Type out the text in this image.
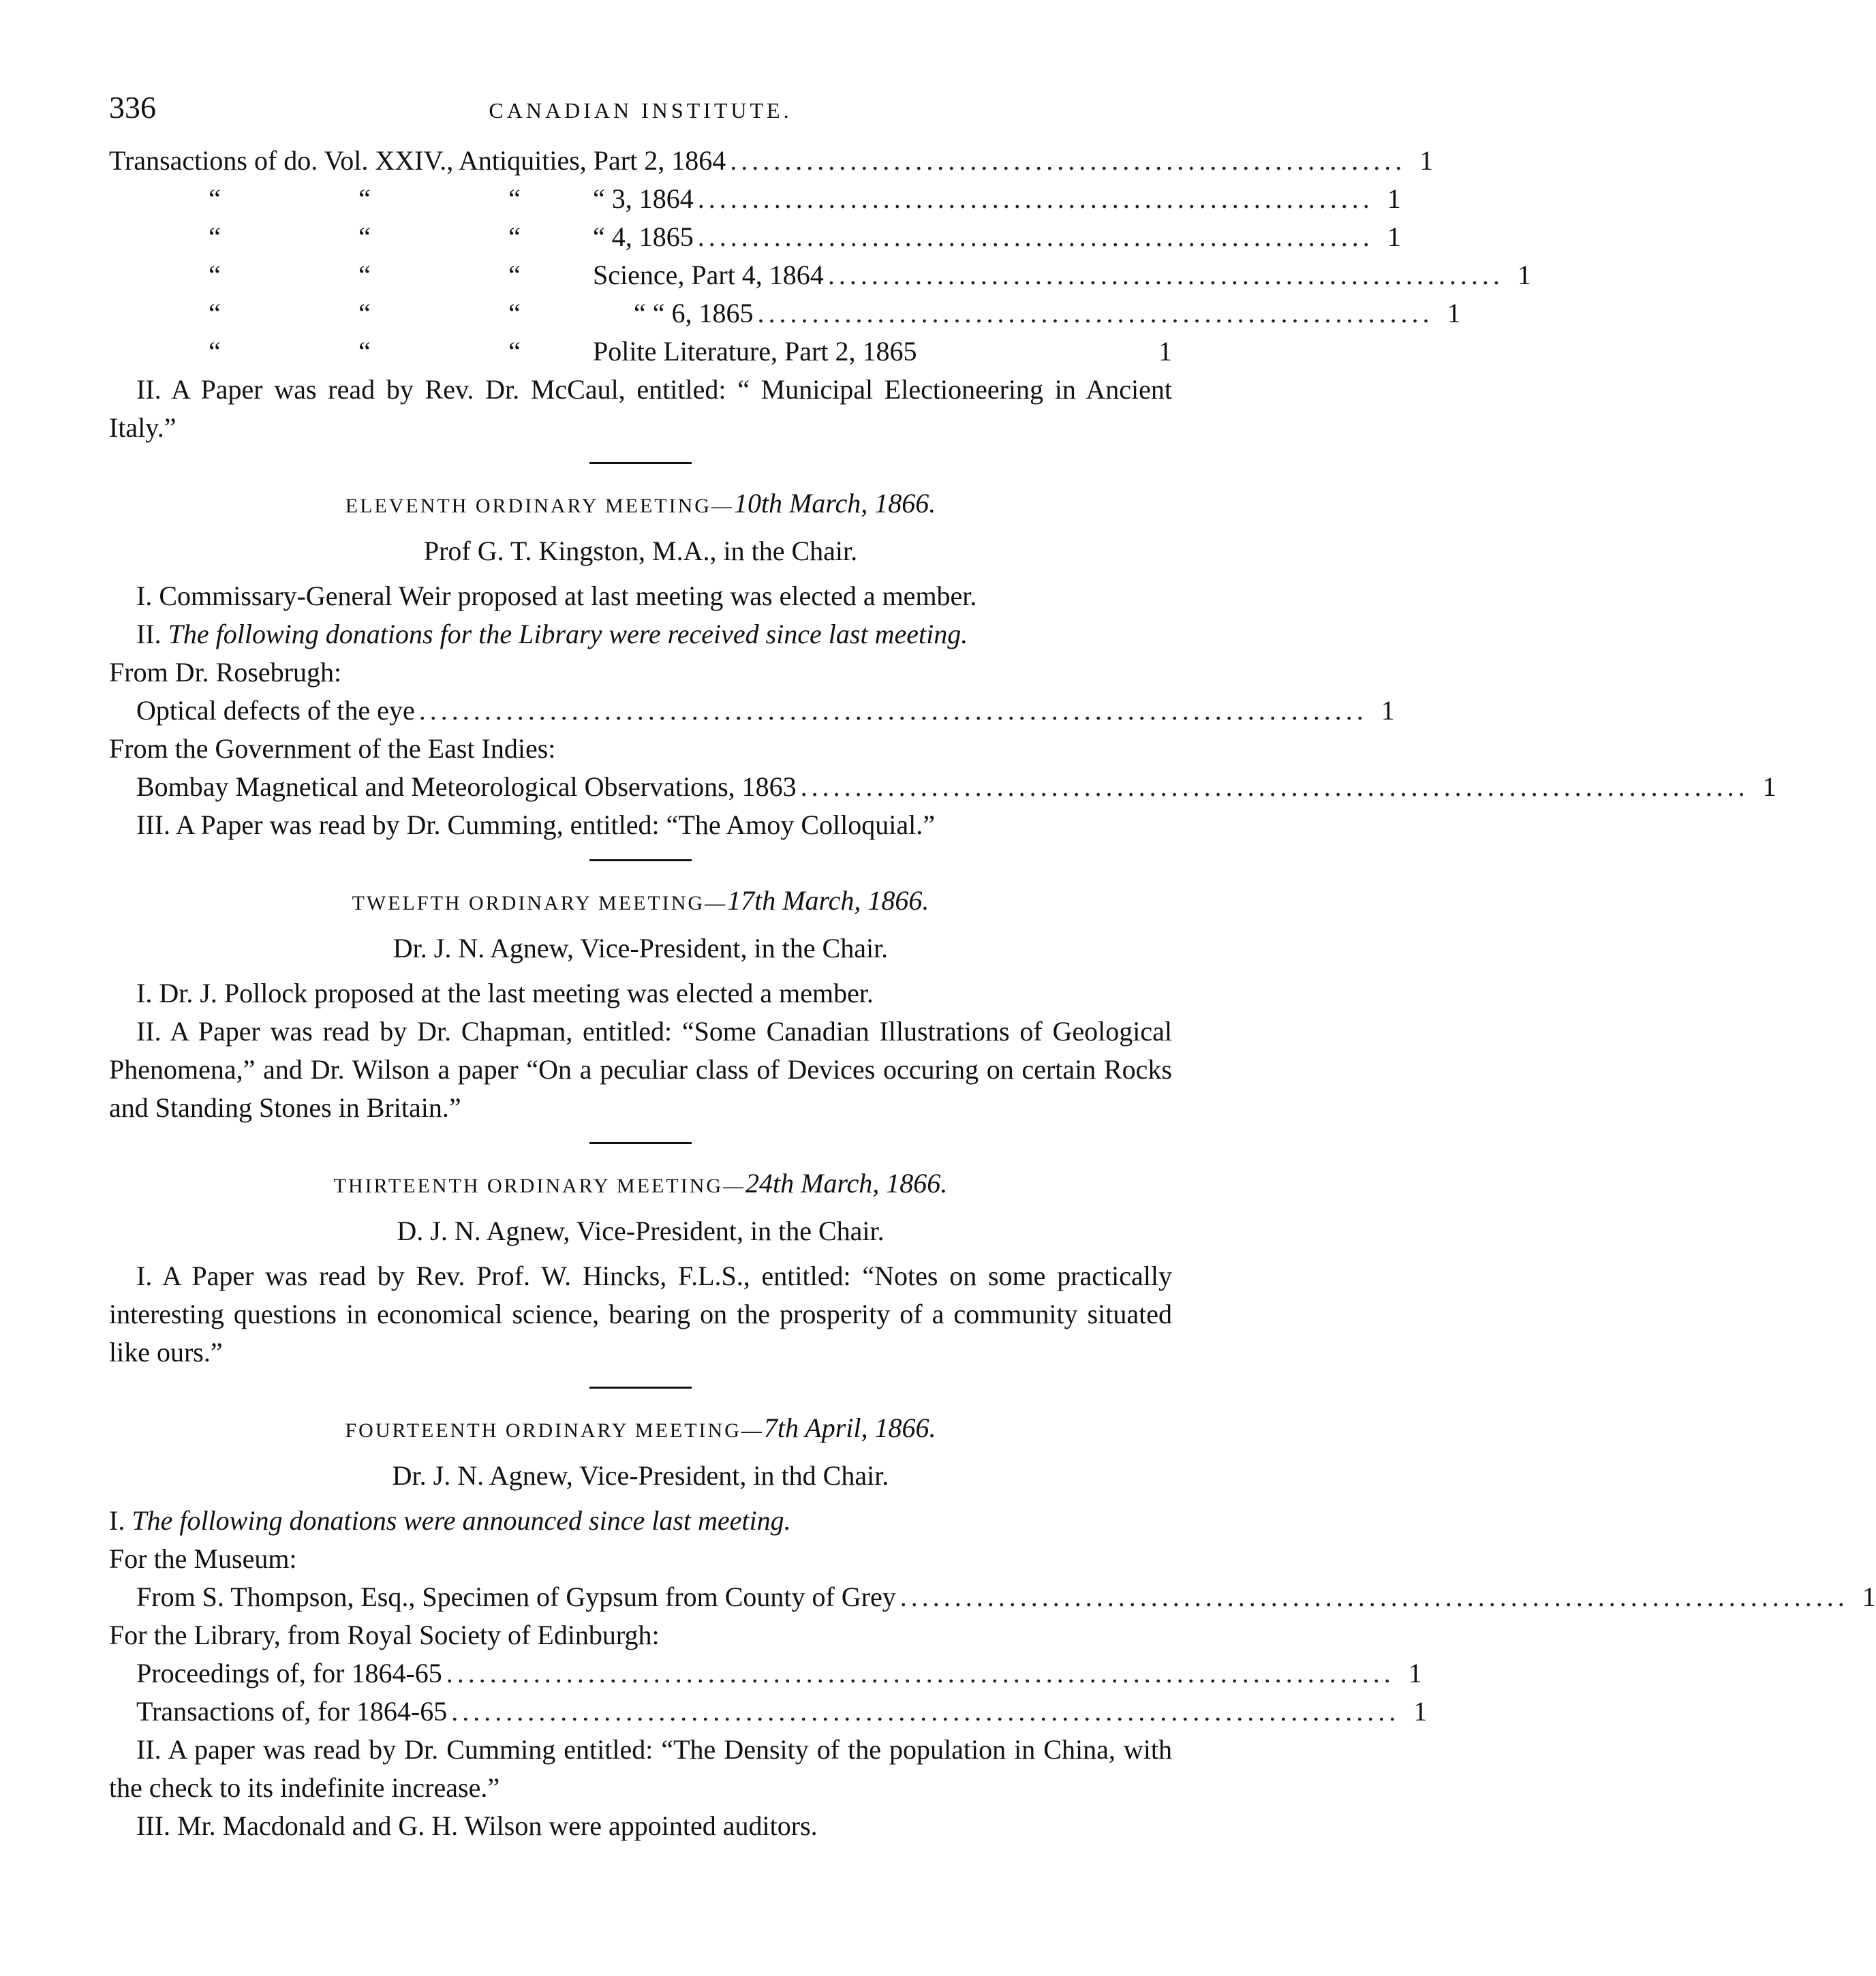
336	CANADIAN INSTITUTE.
Transactions of do. Vol. XXIV., Antiquities, Part 2, 1864 .............................................................. 1
“	“	“	“ 3, 1864 .............................................................. 1
“	“	“	“ 4, 1865 .............................................................. 1
“	“	“	Science, Part 4, 1864 .............................................................. 1
“	“	“	“ “ 6, 1865 .............................................................. 1
“	“	“	Polite Literature, Part 2, 1865	1
II. A Paper was read by Rev. Dr. McCaul, entitled: “ Municipal Electioneering in Ancient Italy.”
ELEVENTH ORDINARY MEETING—10th March, 1866.
Prof G. T. Kingston, M.A., in the Chair.
I. Commissary-General Weir proposed at last meeting was elected a member.
II. The following donations for the Library were received since last meeting.
From Dr. Rosebrugh:
Optical defects of the eye ....................................................................................... 1
From the Government of the East Indies:
Bombay Magnetical and Meteorological Observations, 1863 ....................................................................................... 1
III. A Paper was read by Dr. Cumming, entitled: “The Amoy Colloquial.”
TWELFTH ORDINARY MEETING—17th March, 1866.
Dr. J. N. Agnew, Vice-President, in the Chair.
I. Dr. J. Pollock proposed at the last meeting was elected a member.
II. A Paper was read by Dr. Chapman, entitled: “Some Canadian Illustrations of Geological Phenomena,” and Dr. Wilson a paper “On a peculiar class of Devices occuring on certain Rocks and Standing Stones in Britain.”
THIRTEENTH ORDINARY MEETING—24th March, 1866.
D. J. N. Agnew, Vice-President, in the Chair.
I. A Paper was read by Rev. Prof. W. Hincks, F.L.S., entitled: “Notes on some practically interesting questions in economical science, bearing on the prosperity of a community situated like ours.”
FOURTEENTH ORDINARY MEETING—7th April, 1866.
Dr. J. N. Agnew, Vice-President, in thd Chair.
I. The following donations were announced since last meeting.
For the Museum:
From S. Thompson, Esq., Specimen of Gypsum from County of Grey ....................................................................................... 1
For the Library, from Royal Society of Edinburgh:
Proceedings of, for 1864-65 ....................................................................................... 1
Transactions of, for 1864-65 ....................................................................................... 1
II. A paper was read by Dr. Cumming entitled: “The Density of the population in China, with the check to its indefinite increase.”
III. Mr. Macdonald and G. H. Wilson were appointed auditors.
